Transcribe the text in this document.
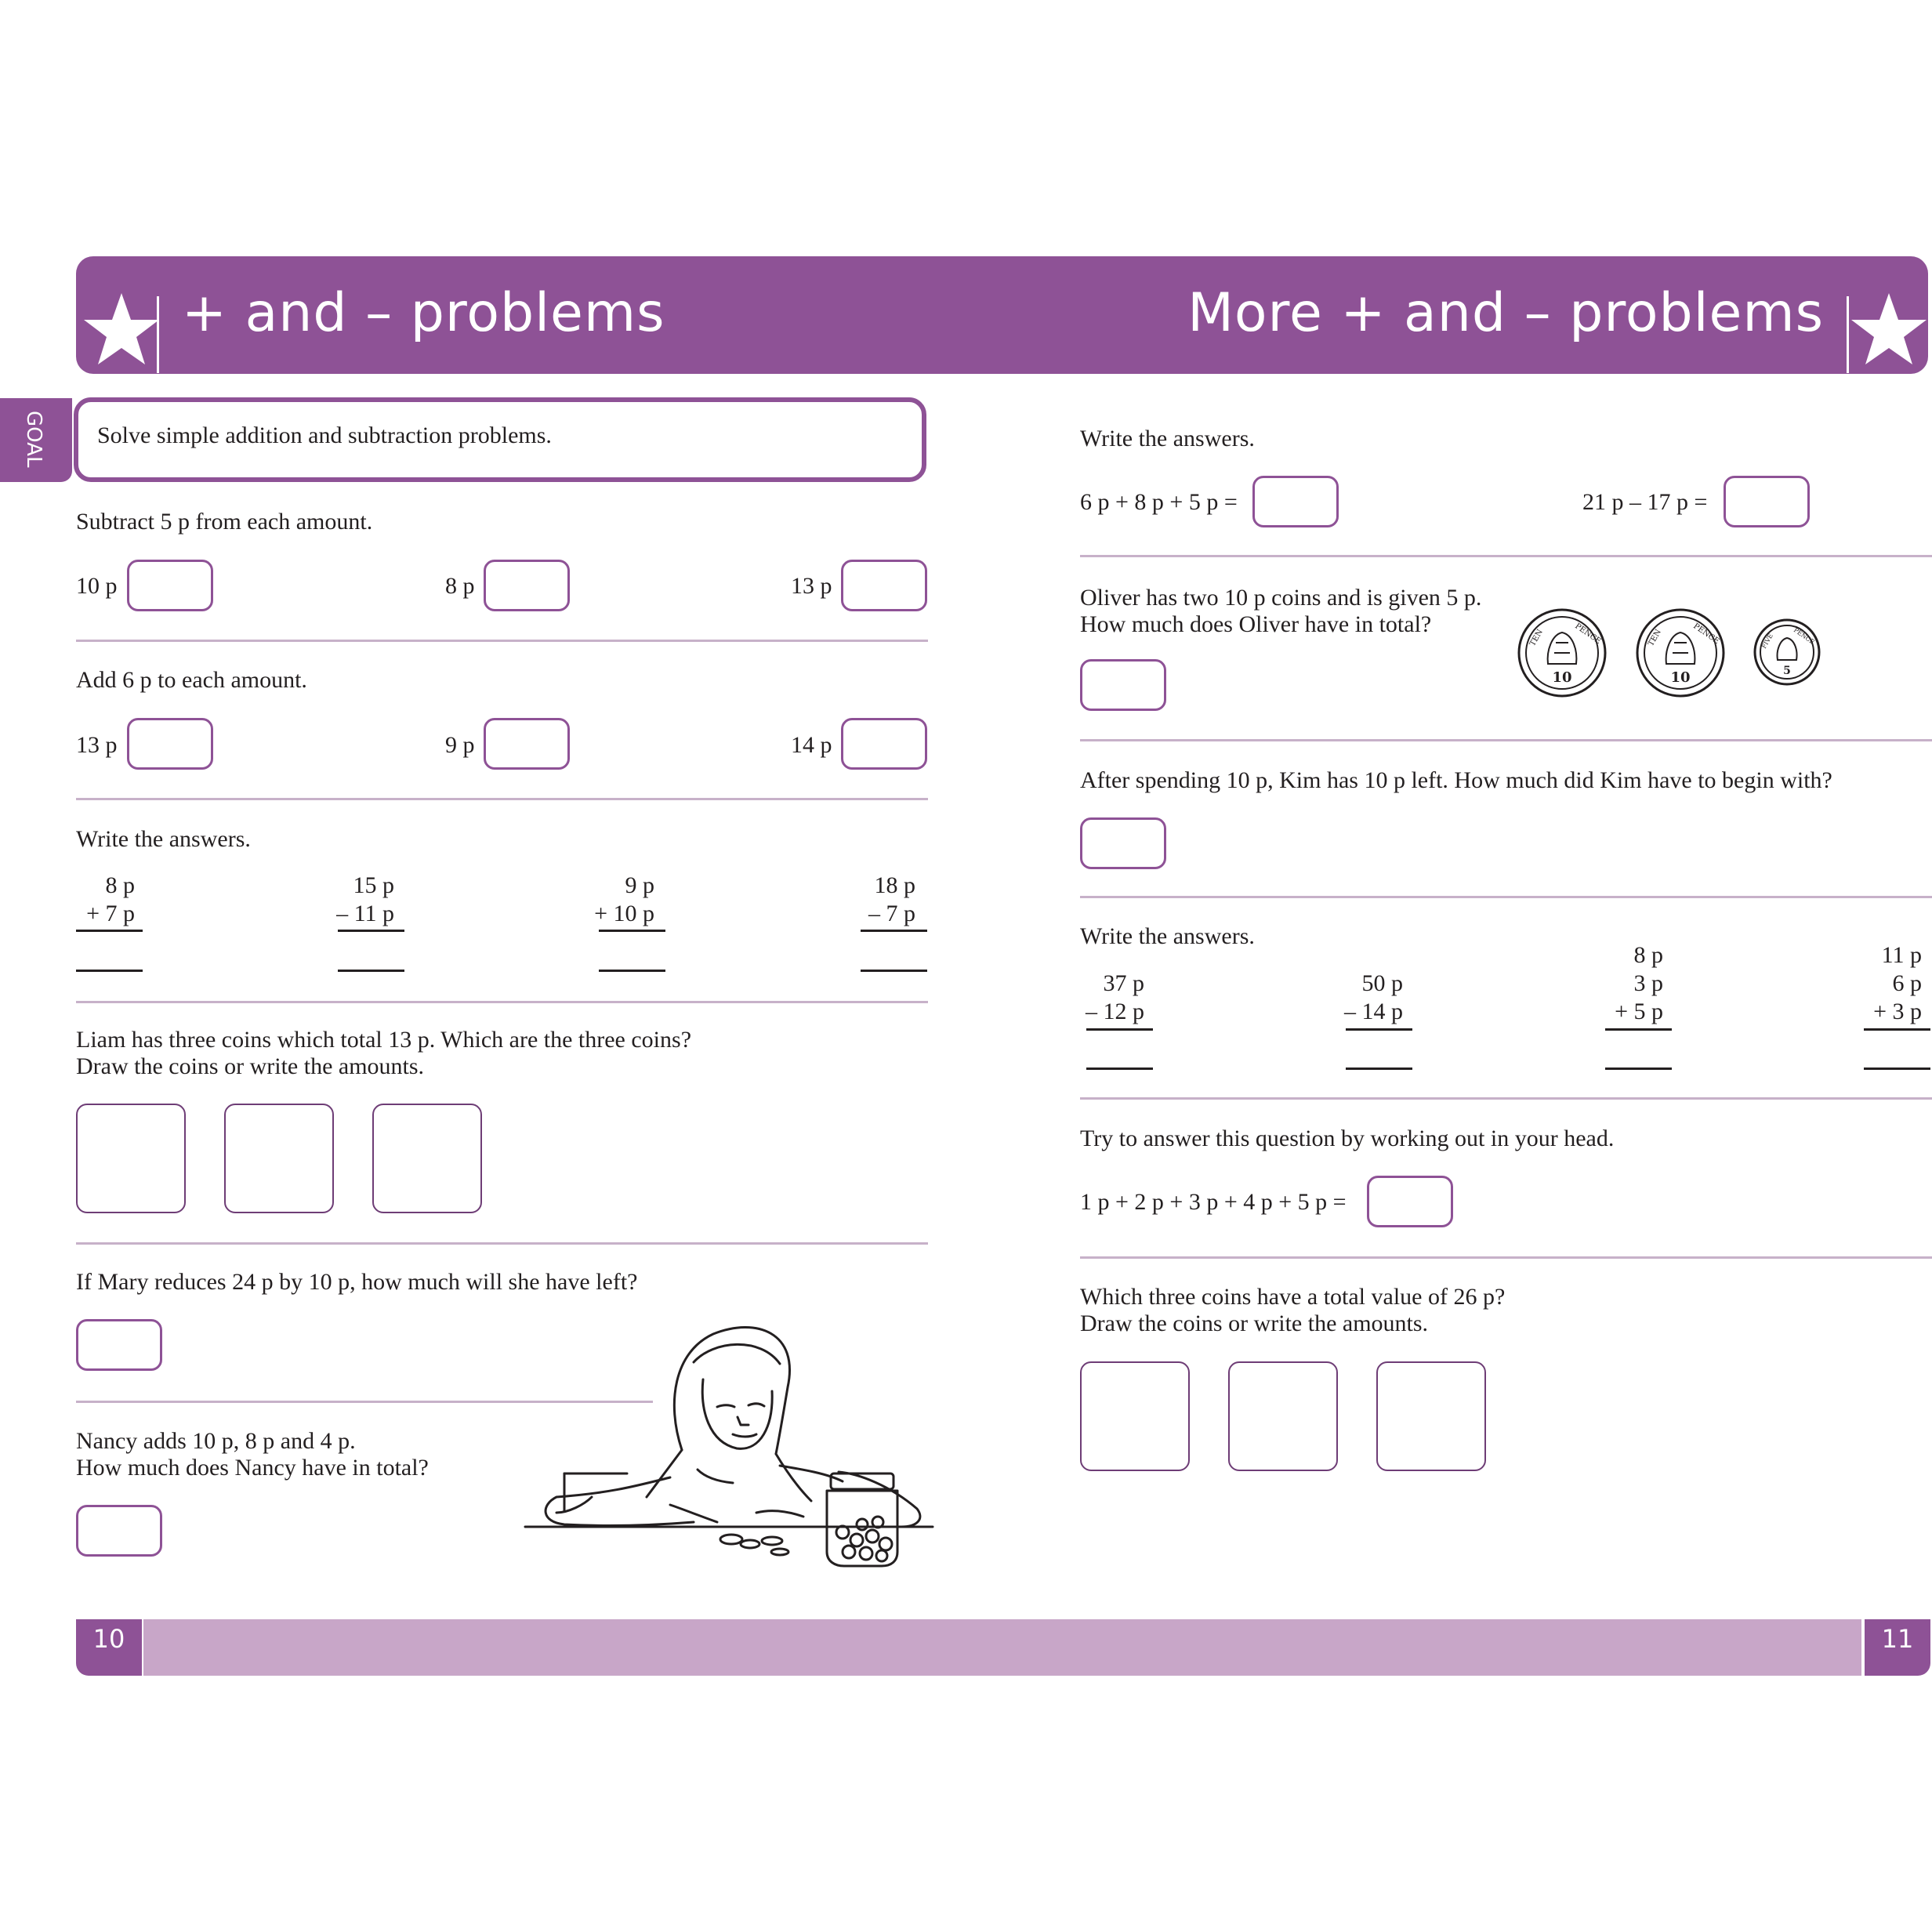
+ and – problems	More + and – problems
GOAL Solve simple addition and subtraction problems.
Subtract 5 p from each amount.
10 p	8 p	13 p
Add 6 p to each amount.
13 p	9 p	14 p
Write the answers.
8 p
+ 7 p
15 p
– 11 p
9 p
+ 10 p
18 p
– 7 p
Liam has three coins which total 13 p. Which are the three coins?
Draw the coins or write the amounts.
If Mary reduces 24 p by 10 p, how much will she have left?
Nancy adds 10 p, 8 p and 4 p.
How much does Nancy have in total?
Write the answers.
6 p + 8 p + 5 p =	21 p – 17 p =
Oliver has two 10 p coins and is given 5 p.
How much does Oliver have in total?
10
TEN	PENCE
10
TEN	PENCE
5
FIVE	PENCE
After spending 10 p, Kim has 10 p left. How much did Kim have to begin with?
Write the answers.
37 p
– 12 p
50 p
– 14 p
8 p
3 p
+ 5 p
11 p
6 p
+ 3 p
Try to answer this question by working out in your head.
1 p + 2 p + 3 p + 4 p + 5 p =
Which three coins have a total value of 26 p?
Draw the coins or write the amounts.
10	11
